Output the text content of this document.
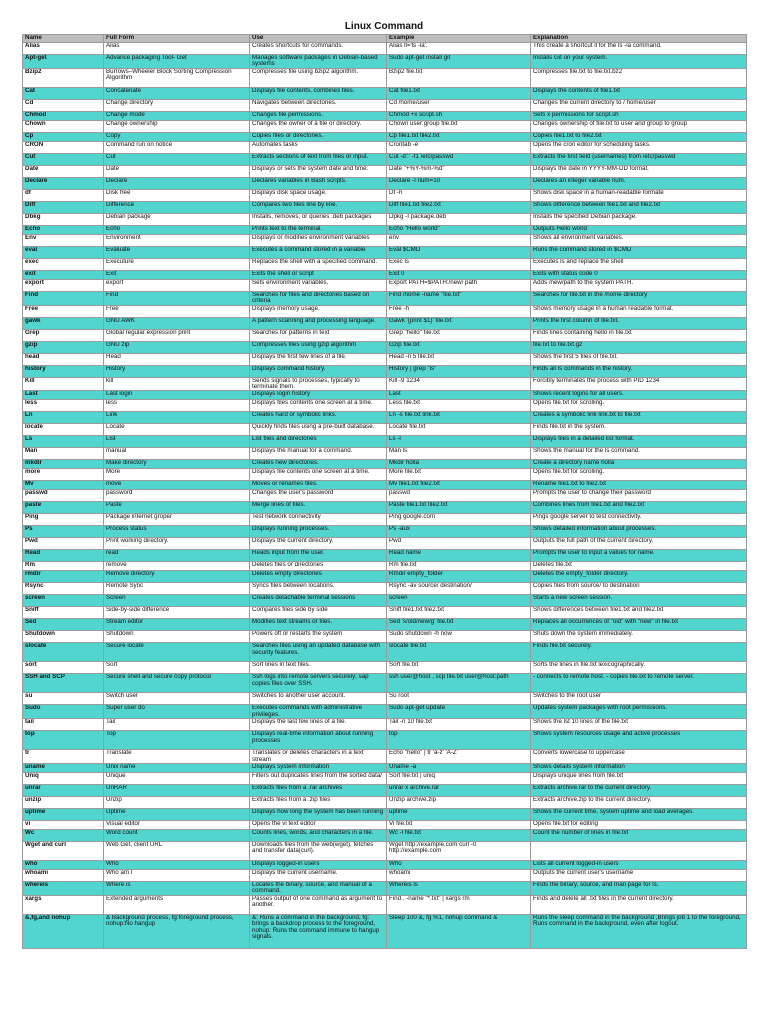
Linux Command
Name	Full Form	Use	Example	Explanation
Alias	Alias	Creates shortcuts for commands.	Alias ll='ls -la'.	This create a shortcut ll for the ls -la command.
Apt-get	Advance packaging Tool- Get	Manages software packages in Debian-based systems	Sudo apt-get install git	Installs Git on your system.
Bzip2	Burrows–Wheeler Block Sorting Compression Algorithm	Compresses file using bzip2 algorithm.	Bzip2 file.txt	Compresses file.txt to file.txt.bz2
Cat	Concatenate	Displays file contents, combines files.	Cat file1.txt	Displays the contents of file1.txt
Cd	Change directory	Navigates between directories.	Cd /home/user	Changes the current directory to / home/user
Chmod	Change mode	Changes file permissions.	Chmod +x script.sh	Sets x permissions for script.sh
Chown	Change ownership	Changes the owner of a file or directory.	Chown user:group file.txt	Changes ownership of file.txt to user and group to group
Cp	Copy	Copies files or directories.	Cp file1.txt file2.txt	Copies file1.txt to file2.txt
CRON	Command run on notice	Automates tasks	Crontab -e	Opens the cron editor for scheduling tasks.
Cut	Cut	Extracts sections of text from files or input.	Cut -d':' -f1 /etc/passwd	Extracts the first field (usernames) from /etc/passwd
Date	Date	Displays or sets the system date and time.	Date "+%Y-%m-%d"	Displays the date in YYYY-MM-DD format.
Declare	Declare	Declares variables in Bash scripts.	Declare -I num=10	Declares an integer variable num.
df	Disk free	Displays disk space usage.	Df -h	Shows disk space in a human-readable formate
Diff	Difference	Compares two files line by line.	Diff file1.txt file2.txt	Shows difference between file1.txt and file2.txt
Dbkg	Debian package	Installs, removes, or queries .deb packages	Dpkg -I package.deb	Installs the specified Debian package.
Echo	Echo	Prints text to the terminal.	Echo "Hello world"	Outputs Hello world
Env	Environment	Displays or modifies environment variables	env	Shows all environment variables.
eval	Evaluate	Executes a command stored in a variable	Eval $CMD	Runs the command stored in $CMD
exec	Executure	Replaces the shell with a specified command.	Exec ls	Executes ls and replace the shell
exit	Exit	Exits the shell or script	Exit 0	Exits with status code 0
export	export	Sets environment variables.	Export PATH=$PATH:/new/ path	Adds /new/path to the system PATH.
Find	Find	Searches for files and directories based on criteria	Find /home -name "file.txt"	Searches for file.txt in the /home directory
Free	Free	Displays memory usage.	Free -h	Shows memory usage in a human readable format.
gawk	GNU AWK	A pattern scanning and processing language.	Gawk '{print $1}' file.txt	Prints the first column of file.txt.
Grep	Global regular expression print	Searches for patterns in text	Grep "hello" file.txt	Finds lines containing hello in file.txt
gzip	GNU zip	Compresses files using gzip algorithm	Gzip file.txt	file.txt to file.txt.gz
head	Head	Displays the first few lines of a file.	Head -n 5 file.txt	Shows the first 5 files of file.txt.
history	History	Displays command history.	History | grep "ls"	Finds all ls commands in the history.
Kill	kill	Sends signals to processes, typically to terminate them.	Kill -9 1234	Forcibly terminates the process with PID 1234
Last	Last login	Displays login history	Last	Shows recent logins for all users.
less	less	Displays files contents one screen at a time.	Less file.txt	Opens file.txt for scrolling.
Ln	Link	Creates hard or symbolic links.	Ln -s file.txt link.txt	Creates a symbolic link link.txt to file.txt
locate	Locate	Quickly finds files using a pre-built database.	Locate file.txt	Finds file.txt in the system.
Ls	List	List files and directories	Ls -l	Displays files in a detailed list format.
Man	manual	Displays the manual for a command.	Man ls	Shows the manual for the ls command.
mkdir	Make directory	Creates new directories.	Mkdir holla	Create a directory name holla
more	More	Displays file contents one screen at a time.	More file.txt	Opens file.txt for scrolling.
Mv	move	Moves or renames files.	Mv file1.txt file2.txt	Rename file1.txt to file2.txt
passwd	password	Changes the user's password	passwd	Prompts the user to change their password
paste	Paste	Merge lines of files.	Paste file1.txt file2.txt	Combines lines from file1.txt and file2.txt
Ping	Package internet groper	Test network connectivity	Ping google.com	Pings google server to test connectivity.
Ps	Process status	Displays running processes.	Ps -aux	Shows detailed information about processes.
Pwd	Print working directory.	Displays the current directory.	Pwd	Outputs the full path of the current directory.
Read	read	Reads input from the user.	Read name	Prompts the user to input a values for name.
Rm	remove	Deletes files or directories	Rm file.txt	Deletes file.txt
rmdir	Remove directory	Deletes empty directories	Rmdir empty_folder	Deletes the empty_folder directory.
Rsync	Remote Sync	Syncs files between locations.	Rsync -av source/ destination/	Copies files from source/ to destination
screen	Screen	Creates detachable terminal sessions	screen	Starts a new screen session.
Sniff	Side-by-side difference	Compares files side by side	Sniff file1.txt file2.txt	Shows differences between file1.txt and file2.txt
Sed	Stream editor	Modifies text streams or files.	Sed 's/old/new/g' file.txt	Replaces all occurrences of "old" with "new" in file.txt
Shutdown	Shutdown	Powers off or restarts the system	Sudo shutdown -h now	Shuts down the system immediately.
slocate	Secure locate	Searches files using an updated database with security features.	slocate file.txt	Finds file.txt securely.
sort	Sort	Sort lines in text files.	Sort file.txt	Sorts the lines in file.txt lexicographically.
SSH and SCP	Secure shell and secure copy protocol	Ssh logs into remote servers securely; sap copies files over SSH.	ssh user@host , scp file.txt user@host:path	- connects to remote host. - copies file.txt to remote server.
su	Switch user	Switches to another user account.	Su root	Switches to the root user
Sudo	Super user do	Executes commands with administrative privileges.	Sudo apt-get update	Updates system packages with root permissions.
tail	Tail	Displays the last few lines of a file.	Tail -n 10 file.txt	Shows the lst 10 lines of the file.txt
top	Top	Displays real-time information about running processes	top	Shows system resources usage and active processes
tr	Translate	Translates or deletes characters in a text stream	Echo "hello" | tr 'a-z' 'A-Z'	Converts lowercase to uppercase
uname	Unix name	Displays system information	Uname -a	Shows details system information
Uniq	Unique	Filters out duplicates lines from the sorted data/	Sort file.txt | uniq	Displays unique lines from file.txt
unrar	UnRAR	Extracts files from a .rar archives	unrar x archive.rar	Extracts archive.rar to the current directory.
unzip	Unzip	Extracts files from a .zip files	Unzip archive.zip	Extracts archive.zip to the current directory.
uptime	Uptime	Displays how long the system has been running	uptime	Shows the current time, system uptime and load averages.
vi	Visual editor	Opens the vi text editor	Vi file.txt	Opens file.txt for editing
Wc	Word count	Counts lines, words, and characters in a file.	Wc -l file.txt	Count the number of lines in file.txt
Wget and curl	Web Get, client URL	Downloads files from the web(wget), fetches and transfer data(curl).	Wget http://example.com curl -0 http://example.com	
who	Who	Displays logged-in users	Who	Lists all current logged-in users
whoami	Who am I	Displays the current username.	whoami	Outputs the current user's username
whereis	Where is	Locates the binary, source, and manual of a command.	Whereis ls	Finds the binary, source, and man page for ls.
xargs	Extended arguments	Passes output of one command as argument to another.	Find . -name "*.txt" | xargs rm	Finds and delete all .txt files in the current directory.
&,fg,and nohup	& Background process, fg:foreground process, nohup:No hangup	&: Runs a command in the background, fg: brings a backdrop process to the foreground, nohup: Runs the command immune to hangup signals.	Sleep 100 &, fg %1, nohup command &	Runs the sleep command in the background ,Brings job 1 to the foreground, Runs command in the background, even after logout.
